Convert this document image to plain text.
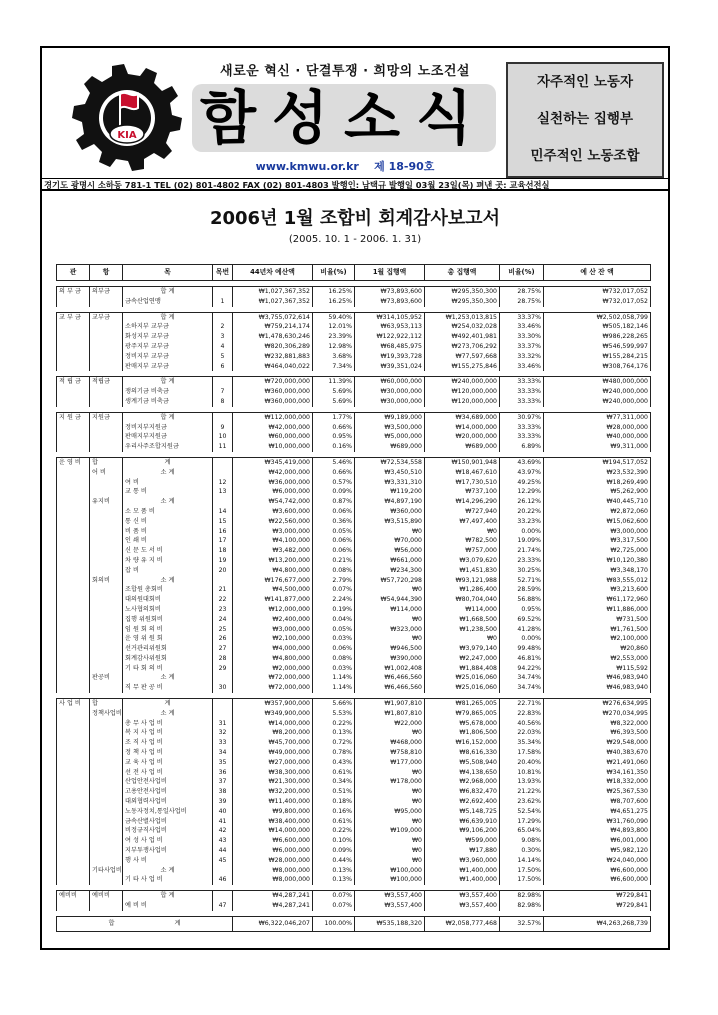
KIA
새로운 혁신 · 단결투쟁 · 희망의 노조건설
함성소식
www.kmwu.or.kr 제 18-90호
자주적인 노동자
실천하는 집행부
민주적인 노동조합
경기도 광명시 소하동 781-1 TEL (02) 801-4802 FAX (02) 801-4803 발행인: 남택규 발행일 03월 23일(목) 펴낸 곳: 교육선전실
2006년 1월 조합비 회계감사보고서
(2005. 10. 1 - 2006. 1. 31)
관	항	목	목번	44년차 예산액	비율(%)	1월 집행액	총 집행액	비율(%)	예 산 잔 액

의 부 금	의부금	합 계		₩1,027,367,352	16.25%	₩73,893,600	₩295,350,300	28.75%	₩732,017,052
		금속산업연맹	1	₩1,027,367,352	16.25%	₩73,893,600	₩295,350,300	28.75%	₩732,017,052

교 부 금	교부금	합 계		₩3,755,072,614	59.40%	₩314,105,952	₩1,253,013,815	33.37%	₩2,502,058,799
		소하지부 교부금	2	₩759,214,174	12.01%	₩63,953,113	₩254,032,028	33.46%	₩505,182,146
		화성지부 교부금	3	₩1,478,630,246	23.39%	₩122,922,112	₩492,401,981	33.30%	₩986,228,265
		광주지부 교부금	4	₩820,306,289	12.98%	₩68,485,975	₩273,706,292	33.37%	₩546,599,997
		정비지부 교부금	5	₩232,881,883	3.68%	₩19,393,728	₩77,597,668	33.32%	₩155,284,215
		판매지부 교부금	6	₩464,040,022	7.34%	₩39,351,024	₩155,275,846	33.46%	₩308,764,176

적 립 금	적립금	합 계		₩720,000,000	11.39%	₩60,000,000	₩240,000,000	33.33%	₩480,000,000
		쟁의기금 비축금	7	₩360,000,000	5.69%	₩30,000,000	₩120,000,000	33.33%	₩240,000,000
		생계기금 비축금	8	₩360,000,000	5.69%	₩30,000,000	₩120,000,000	33.33%	₩240,000,000

지 원 금	지원금	합 계		₩112,000,000	1.77%	₩9,189,000	₩34,689,000	30.97%	₩77,311,000
		정비지부지원금	9	₩42,000,000	0.66%	₩3,500,000	₩14,000,000	33.33%	₩28,000,000
		판매지부지원금	10	₩60,000,000	0.95%	₩5,000,000	₩20,000,000	33.33%	₩40,000,000
		우리사주조합지원금	11	₩10,000,000	0.16%	₩689,000	₩689,000	6.89%	₩9,311,000

운 영 비	합	계		₩345,419,000	5.46%	₩72,534,558	₩150,901,948	43.69%	₩194,517,052
	어 비	소 계		₩42,000,000	0.66%	₩3,450,510	₩18,467,610	43.97%	₩23,532,390
		여 비	12	₩36,000,000	0.57%	₩3,331,310	₩17,730,510	49.25%	₩18,269,490
		교 통 비	13	₩6,000,000	0.09%	₩119,200	₩737,100	12.29%	₩5,262,900
	유지비	소 계		₩54,742,000	0.87%	₩4,897,190	₩14,296,290	26.12%	₩40,445,710
		소 모 품 비	14	₩3,600,000	0.06%	₩360,000	₩727,940	20.22%	₩2,872,060
		통 신 비	15	₩22,560,000	0.36%	₩3,515,890	₩7,497,400	33.23%	₩15,062,600
		비 품 비	16	₩3,000,000	0.05%	₩0	₩0	0.00%	₩3,000,000
		인 쇄 비	17	₩4,100,000	0.06%	₩70,000	₩782,500	19.09%	₩3,317,500
		신 문 도 서 비	18	₩3,482,000	0.06%	₩56,000	₩757,000	21.74%	₩2,725,000
		차 량 유 지 비	19	₩13,200,000	0.21%	₩661,000	₩3,079,620	23.33%	₩10,120,380
		잡 비	20	₩4,800,000	0.08%	₩234,300	₩1,451,830	30.25%	₩3,348,170
	회의비	소 계		₩176,677,000	2.79%	₩57,720,298	₩93,121,988	52.71%	₩83,555,012
		조합원 총회비	21	₩4,500,000	0.07%	₩0	₩1,286,400	28.59%	₩3,213,600
		대의원대회비	22	₩141,877,000	2.24%	₩54,944,390	₩80,704,040	56.88%	₩61,172,960
		노사협의회비	23	₩12,000,000	0.19%	₩114,000	₩114,000	0.95%	₩11,886,000
		집행 위원회비	24	₩2,400,000	0.04%	₩0	₩1,668,500	69.52%	₩731,500
		임 원 회 의 비	25	₩3,000,000	0.05%	₩323,000	₩1,238,500	41.28%	₩1,761,500
		운 영 위 원 회	26	₩2,100,000	0.03%	₩0	₩0	0.00%	₩2,100,000
		선거관리위원회	27	₩4,000,000	0.06%	₩946,500	₩3,979,140	99.48%	₩20,860
		회계감사위원회	28	₩4,800,000	0.08%	₩390,000	₩2,247,000	46.81%	₩2,553,000
		기 타 회 의 비	29	₩2,000,000	0.03%	₩1,002,408	₩1,884,408	94.22%	₩115,592
	판공비	소 계		₩72,000,000	1.14%	₩6,466,560	₩25,016,060	34.74%	₩46,983,940
		직 무 판 공 비	30	₩72,000,000	1.14%	₩6,466,560	₩25,016,060	34.74%	₩46,983,940

사 업 비	합	계		₩357,900,000	5.66%	₩1,907,810	₩81,265,005	22.71%	₩276,634,995
	정책사업비	소 계		₩349,900,000	5.53%	₩1,807,810	₩79,865,005	22.83%	₩270,034,995
		총 무 사 업 비	31	₩14,000,000	0.22%	₩22,000	₩5,678,000	40.56%	₩8,322,000
		복 지 사 업 비	32	₩8,200,000	0.13%	₩0	₩1,806,500	22.03%	₩6,393,500
		조 직 사 업 비	33	₩45,700,000	0.72%	₩468,000	₩16,152,000	35.34%	₩29,548,000
		정 책 사 업 비	34	₩49,000,000	0.78%	₩758,810	₩8,616,330	17.58%	₩40,383,670
		교 육 사 업 비	35	₩27,000,000	0.43%	₩177,000	₩5,508,940	20.40%	₩21,491,060
		선 전 사 업 비	36	₩38,300,000	0.61%	₩0	₩4,138,650	10.81%	₩34,161,350
		산업안전사업비	37	₩21,300,000	0.34%	₩178,000	₩2,968,000	13.93%	₩18,332,000
		고용안전사업비	38	₩32,200,000	0.51%	₩0	₩6,832,470	21.22%	₩25,367,530
		대외협력사업비	39	₩11,400,000	0.18%	₩0	₩2,692,400	23.62%	₩8,707,600
		노동자정치,통일사업비	40	₩9,800,000	0.16%	₩95,000	₩5,148,725	52.54%	₩4,651,275
		금속산별사업비	41	₩38,400,000	0.61%	₩0	₩6,639,910	17.29%	₩31,760,090
		비정규직사업비	42	₩14,000,000	0.22%	₩109,000	₩9,106,200	65.04%	₩4,893,800
		여 성 사 업 비	43	₩6,600,000	0.10%	₩0	₩599,000	9.08%	₩6,001,000
		지부투쟁사업비	44	₩6,000,000	0.09%	₩0	₩17,880	0.30%	₩5,982,120
		행 사 비	45	₩28,000,000	0.44%	₩0	₩3,960,000	14.14%	₩24,040,000
	기타사업비	소 계		₩8,000,000	0.13%	₩100,000	₩1,400,000	17.50%	₩6,600,000
		기 타 사 업 비	46	₩8,000,000	0.13%	₩100,000	₩1,400,000	17.50%	₩6,600,000

예비비	예비비	합 계		₩4,287,241	0.07%	₩3,557,400	₩3,557,400	82.98%	₩729,841
		예 비 비	47	₩4,287,241	0.07%	₩3,557,400	₩3,557,400	82.98%	₩729,841

합 계				₩6,322,046,207	100.00%	₩535,188,320	₩2,058,777,468	32.57%	₩4,263,268,739
